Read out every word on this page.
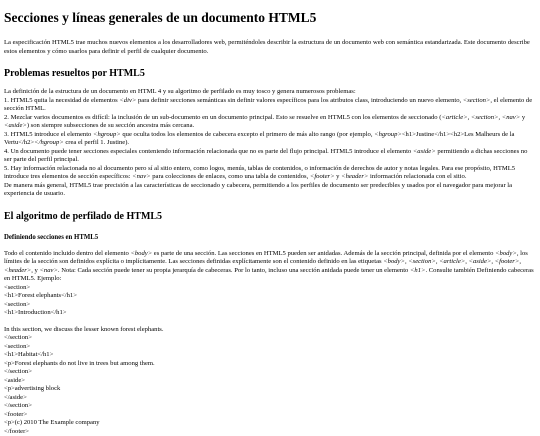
Secciones y líneas generales de un documento HTML5

La especificación HTML5 trae muchos nuevos elementos a los desarrolladores web, permiténdoles describir la estructura de un documento web con semántica estandarizada. Este documento describe estos elementos y cómo usarlos para definir el perfil de cualquier documento.

Problemas resueltos por HTML5

La definición de la estructura de un documento en HTML 4 y su algoritmo de perfilado es muy tosco y genera numerosos problemas:

1. HTML5 quita la necesidad de elementos <div> para definir secciones semánticas sin definir valores específicos para los atributos class, introduciendo un nuevo elemento, <section>, el elemento de sección HTML.

2. Mezclar varios documentos es difícil: la inclusión de un sub-documento en un documento principal. Esto se resuelve en HTML5 con los elementos de seccionado (<article>, <section>, <nav> y <aside>) son siempre subsecciones de su sección ancestra más cercana.

3. HTML5 introduce el elemento <hgroup> que oculta todos los elementos de cabecera excepto el primero de más alto rango (por ejemplo, <hgroup><h1>Justine</h1><h2>Les Malheurs de la Vertu</h2></hgroup> crea el perfil 1. Justine).

4. Un documento puede tener secciones especiales conteniendo información relacionada que no es parte del flujo principal. HTML5 introduce el elemento <aside> permitiendo a dichas secciones no ser parte del perfil principal.

5. Hay información relacionada no al documento pero sí al sitio entero, como logos, menús, tablas de contenidos, o información de derechos de autor y notas legales. Para ese propósito, HTML5 introduce tres elementos de sección específicos: <nav> para colecciones de enlaces, como una tabla de contenidos, <footer> y <header> información relacionada con el sitio.

De manera más general, HTML5 trae precisión a las características de seccionado y cabecera, permitiendo a los perfiles de documento ser predecibles y usados por el navegador para mejorar la experiencia de usuario.

El algoritmo de perfilado de HTML5
Definiendo secciones en HTML5

Todo el contenido incluido dentro del elemento <body> es parte de una sección. Las secciones en HTML5 pueden ser anidadas. Además de la sección principal, definida por el elemento <body>, los límites de la sección son definidos explícita o implícitamente. Las secciones definidas explícitamente son el contenido definido en las etiquetas <body>, <section>, <article>, <aside>, <footer>, <header>, y <nav>. Nota: Cada sección puede tener su propia jerarquía de cabeceras. Por lo tanto, incluso una sección anidada puede tener un elemento <h1>. Consulte también Definiendo cabeceras en HTML5. Ejemplo:

<section>
<h1>Forest elephants</h1>
<section>
<h1>Introduction</h1>

In this section, we discuss the lesser known forest elephants.

</section>
<section>
<h1>Habitat</h1>
<p>Forest elephants do not live in trees but among them.
</section>
<aside>
<p>advertising block
</aside>
</section>
<footer>
<p>(c) 2010 The Example company
</footer>
